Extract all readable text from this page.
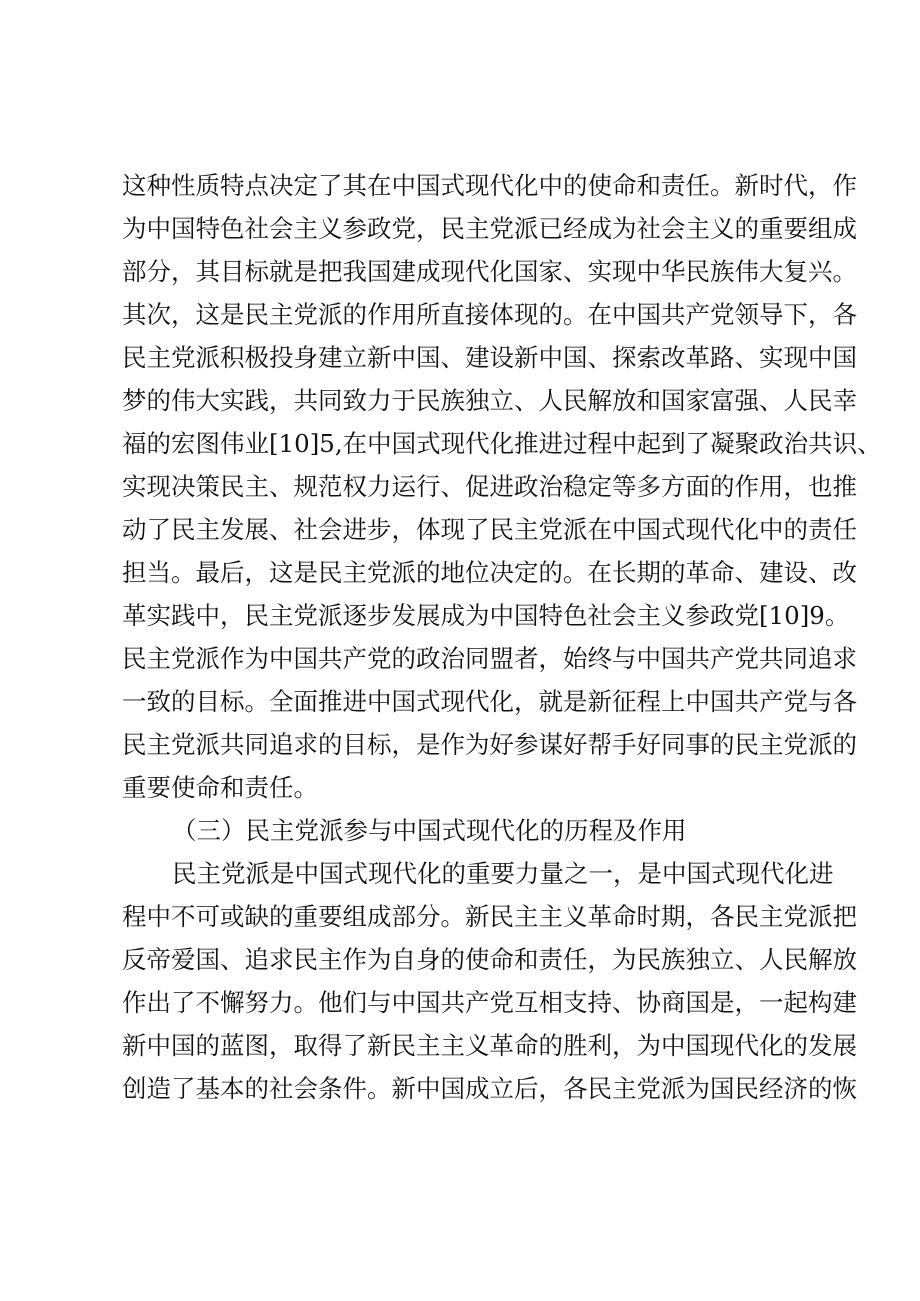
这种性质特点决定了其在中国式现代化中的使命和责任。新时代，作
为中国特色社会主义参政党，民主党派已经成为社会主义的重要组成
部分，其目标就是把我国建成现代化国家、实现中华民族伟大复兴。
其次，这是民主党派的作用所直接体现的。在中国共产党领导下，各
民主党派积极投身建立新中国、建设新中国、探索改革路、实现中国
梦的伟大实践，共同致力于民族独立、人民解放和国家富强、人民幸
福的宏图伟业[10]5,在中国式现代化推进过程中起到了凝聚政治共识、
实现决策民主、规范权力运行、促进政治稳定等多方面的作用，也推
动了民主发展、社会进步，体现了民主党派在中国式现代化中的责任
担当。最后，这是民主党派的地位决定的。在长期的革命、建设、改
革实践中，民主党派逐步发展成为中国特色社会主义参政党[10]9。
民主党派作为中国共产党的政治同盟者，始终与中国共产党共同追求
一致的目标。全面推进中国式现代化，就是新征程上中国共产党与各
民主党派共同追求的目标，是作为好参谋好帮手好同事的民主党派的
重要使命和责任。
（三）民主党派参与中国式现代化的历程及作用
民主党派是中国式现代化的重要力量之一，是中国式现代化进
程中不可或缺的重要组成部分。新民主主义革命时期，各民主党派把
反帝爱国、追求民主作为自身的使命和责任，为民族独立、人民解放
作出了不懈努力。他们与中国共产党互相支持、协商国是，一起构建
新中国的蓝图，取得了新民主主义革命的胜利，为中国现代化的发展
创造了基本的社会条件。新中国成立后，各民主党派为国民经济的恢
